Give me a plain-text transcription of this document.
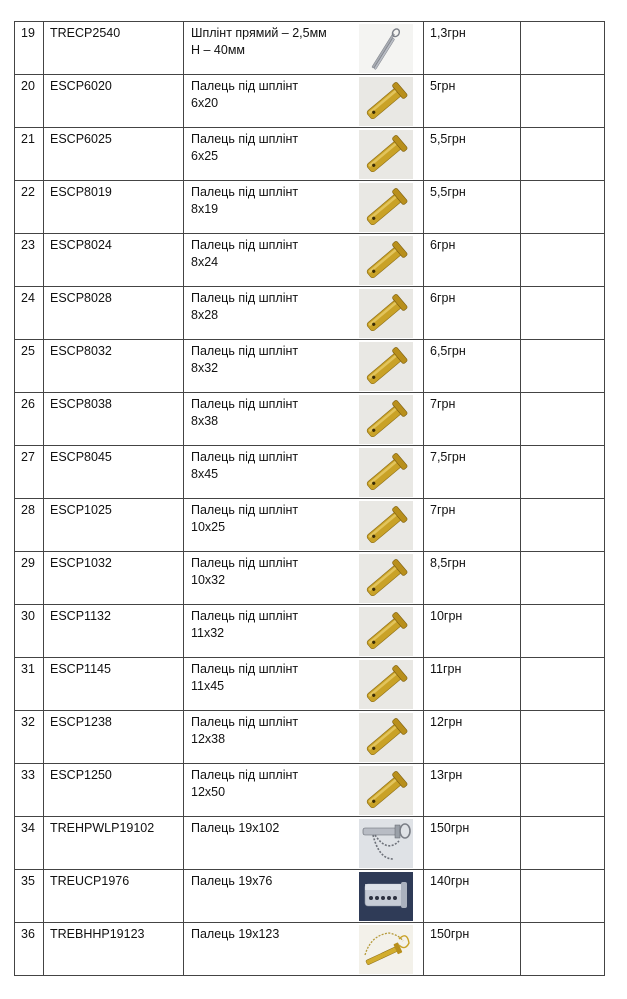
19	TRECP2540	Шплінт прямий – 2,5мм
Н – 40мм	1,3грн	

20	ESCP6020	Палець під шплінт
6х20	5грн	

21	ESCP6025	Палець під шплінт
6х25	5,5грн	

22	ESCP8019	Палець під шплінт
8х19	5,5грн	

23	ESCP8024	Палець під шплінт
8х24	6грн	

24	ESCP8028	Палець під шплінт
8х28	6грн	

25	ESCP8032	Палець під шплінт
8х32	6,5грн	

26	ESCP8038	Палець під шплінт
8х38	7грн	

27	ESCP8045	Палець під шплінт
8х45	7,5грн	

28	ESCP1025	Палець під шплінт
10х25	7грн	

29	ESCP1032	Палець під шплінт
10х32	8,5грн	

30	ESCP1132	Палець під шплінт
11х32	10грн	

31	ESCP1145	Палець під шплінт
11х45	11грн	

32	ESCP1238	Палець під шплінт
12х38	12грн	

33	ESCP1250	Палець під шплінт
12х50	13грн	

34	TREHPWLP19102	Палець 19х102	150грн	

35	TREUCP1976	Палець 19х76	140грн	

36	TREBHHP19123	Палець 19х123	150грн	
